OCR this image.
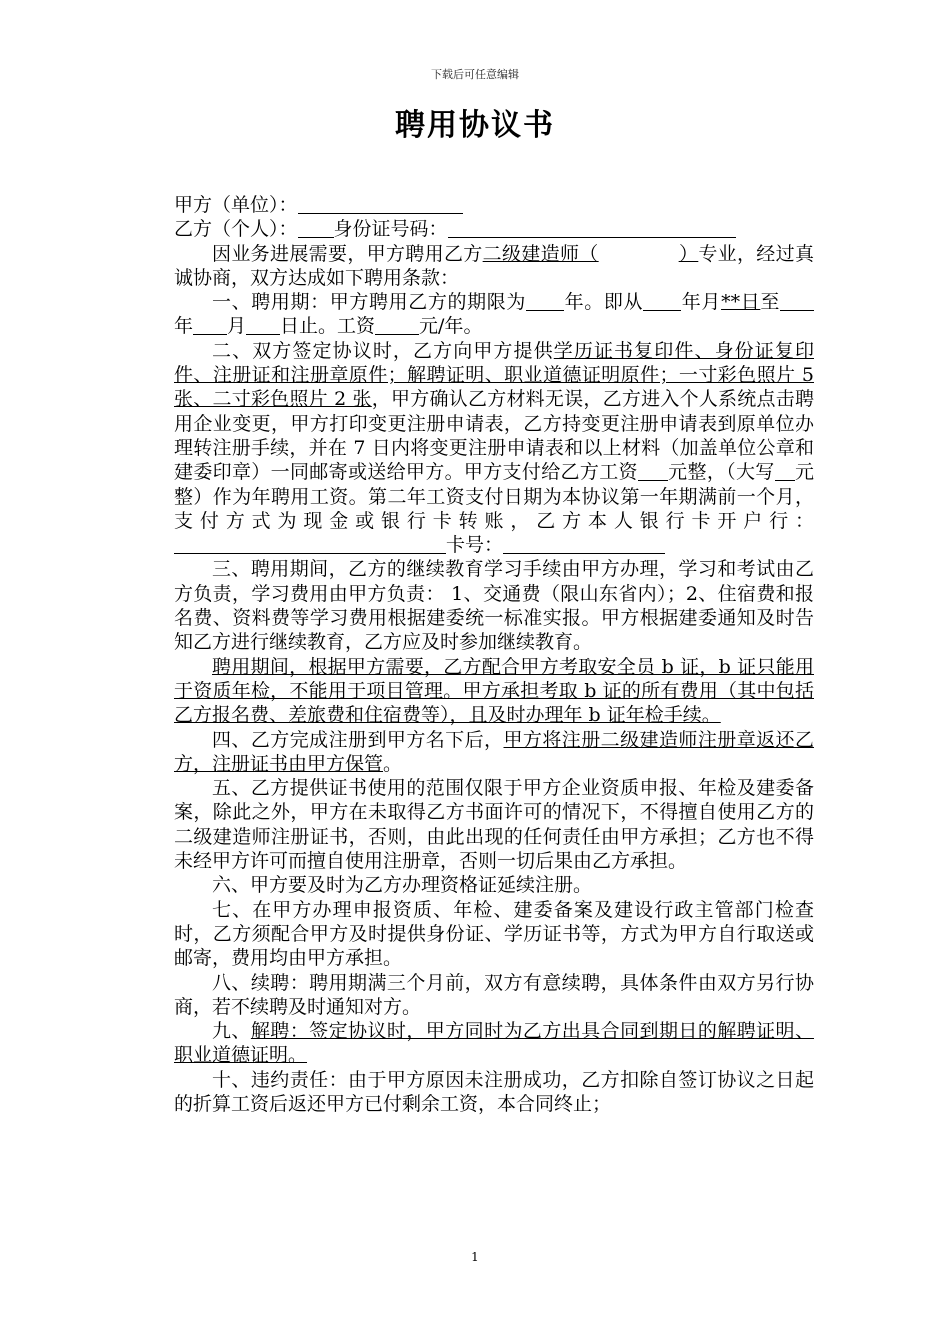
下载后可任意编辑
聘用协议书
甲方（单位）：
乙方（个人）： 身份证号码：

因业务进展需要，甲方聘用乙方二级建造师（	）专业，经过真诚协商，双方达成如下聘用条款：

一、聘用期：甲方聘用乙方的期限为 年。即从 年月**日至年 月 日止。工资 元/年。

二、双方签定协议时，乙方向甲方提供学历证书复印件、身份证复印件、注册证和注册章原件；解聘证明、职业道德证明原件；一寸彩色照片 5 张、二寸彩色照片 2 张，甲方确认乙方材料无误，乙方进入个人系统点击聘用企业变更，甲方打印变更注册申请表，乙方持变更注册申请表到原单位办理转注册手续，并在 7 日内将变更注册申请表和以上材料（加盖单位公章和建委印章）一同邮寄或送给甲方。甲方支付给乙方工资 元整，（大写 元整）作为年聘用工资。第二年工资支付日期为本协议第一年期满前一个月，支付方式为现金或银行卡转账，乙方本人银行卡开户行：卡号：

三、聘用期间，乙方的继续教育学习手续由甲方办理，学习和考试由乙方负责，学习费用由甲方负责： 1、交通费（限山东省内）；2、住宿费和报名费、资料费等学习费用根据建委统一标准实报。甲方根据建委通知及时告知乙方进行继续教育，乙方应及时参加继续教育。

聘用期间，根据甲方需要，乙方配合甲方考取安全员 b 证，b 证只能用于资质年检，不能用于项目管理。甲方承担考取 b 证的所有费用（其中包括乙方报名费、差旅费和住宿费等），且及时办理年 b 证年检手续。

四、乙方完成注册到甲方名下后，甲方将注册二级建造师注册章返还乙方，注册证书由甲方保管。

五、乙方提供证书使用的范围仅限于甲方企业资质申报、年检及建委备案，除此之外，甲方在未取得乙方书面许可的情况下，不得擅自使用乙方的二级建造师注册证书，否则，由此出现的任何责任由甲方承担；乙方也不得未经甲方许可而擅自使用注册章，否则一切后果由乙方承担。

六、甲方要及时为乙方办理资格证延续注册。

七、在甲方办理申报资质、年检、建委备案及建设行政主管部门检查时，乙方须配合甲方及时提供身份证、学历证书等，方式为甲方自行取送或邮寄，费用均由甲方承担。

八、续聘：聘用期满三个月前，双方有意续聘，具体条件由双方另行协商，若不续聘及时通知对方。

九、解聘：签定协议时，甲方同时为乙方出具合同到期日的解聘证明、职业道德证明。

十、违约责任：由于甲方原因未注册成功，乙方扣除自签订协议之日起的折算工资后返还甲方已付剩余工资，本合同终止；

1
